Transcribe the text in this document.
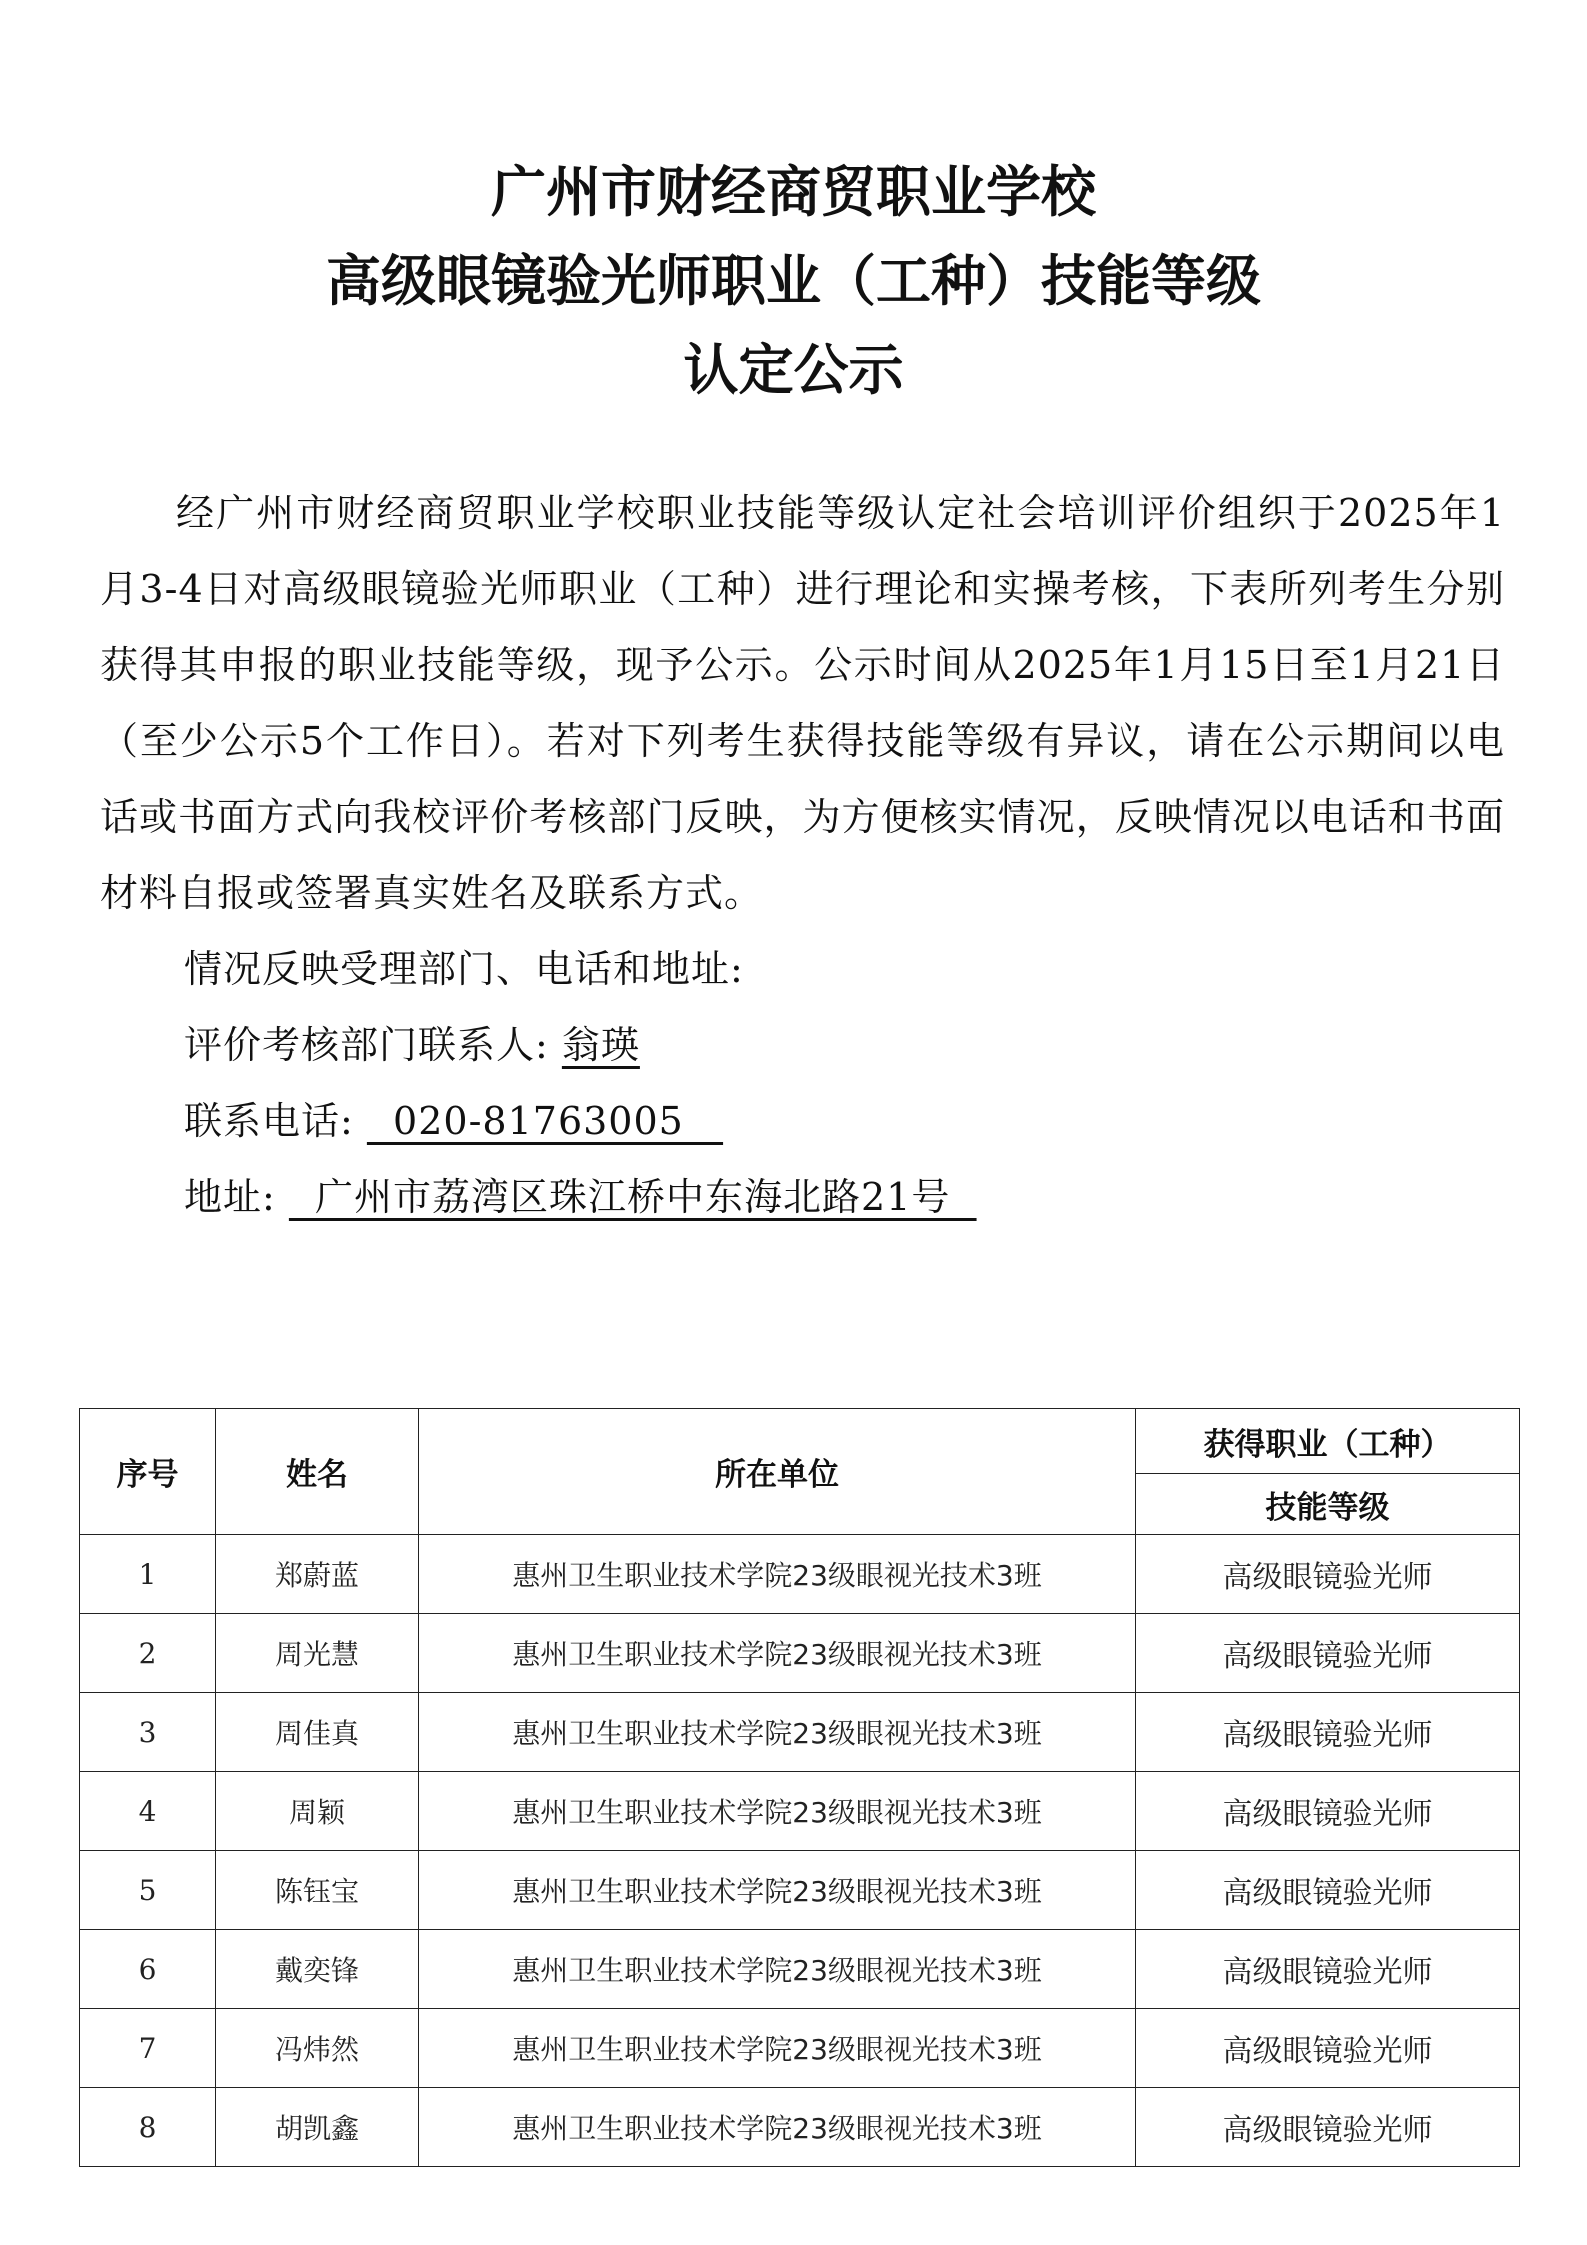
广州市财经商贸职业学校
高级眼镜验光师职业（工种）技能等级
认定公示

经广州市财经商贸职业学校职业技能等级认定社会培训评价组织于2025年1月3-4日对高级眼镜验光师职业（工种）进行理论和实操考核，下表所列考生分别获得其申报的职业技能等级，现予公示。公示时间从2025年1月15日至1月21日（至少公示5个工作日）。若对下列考生获得技能等级有异议，请在公示期间以电话或书面方式向我校评价考核部门反映，为方便核实情况，反映情况以电话和书面材料自报或签署真实姓名及联系方式。

情况反映受理部门、电话和地址:

评价考核部门联系人: 翁瑛

联系电话:   020-81763005

地址:   广州市荔湾区珠江桥中东海北路21号

序号	姓名	所在单位	获得职业（工种）
			技能等级
1	郑蔚蓝	惠州卫生职业技术学院23级眼视光技术3班	高级眼镜验光师
2	周光慧	惠州卫生职业技术学院23级眼视光技术3班	高级眼镜验光师
3	周佳真	惠州卫生职业技术学院23级眼视光技术3班	高级眼镜验光师
4	周颖	惠州卫生职业技术学院23级眼视光技术3班	高级眼镜验光师
5	陈钰宝	惠州卫生职业技术学院23级眼视光技术3班	高级眼镜验光师
6	戴奕锋	惠州卫生职业技术学院23级眼视光技术3班	高级眼镜验光师
7	冯炜然	惠州卫生职业技术学院23级眼视光技术3班	高级眼镜验光师
8	胡凯鑫	惠州卫生职业技术学院23级眼视光技术3班	高级眼镜验光师
